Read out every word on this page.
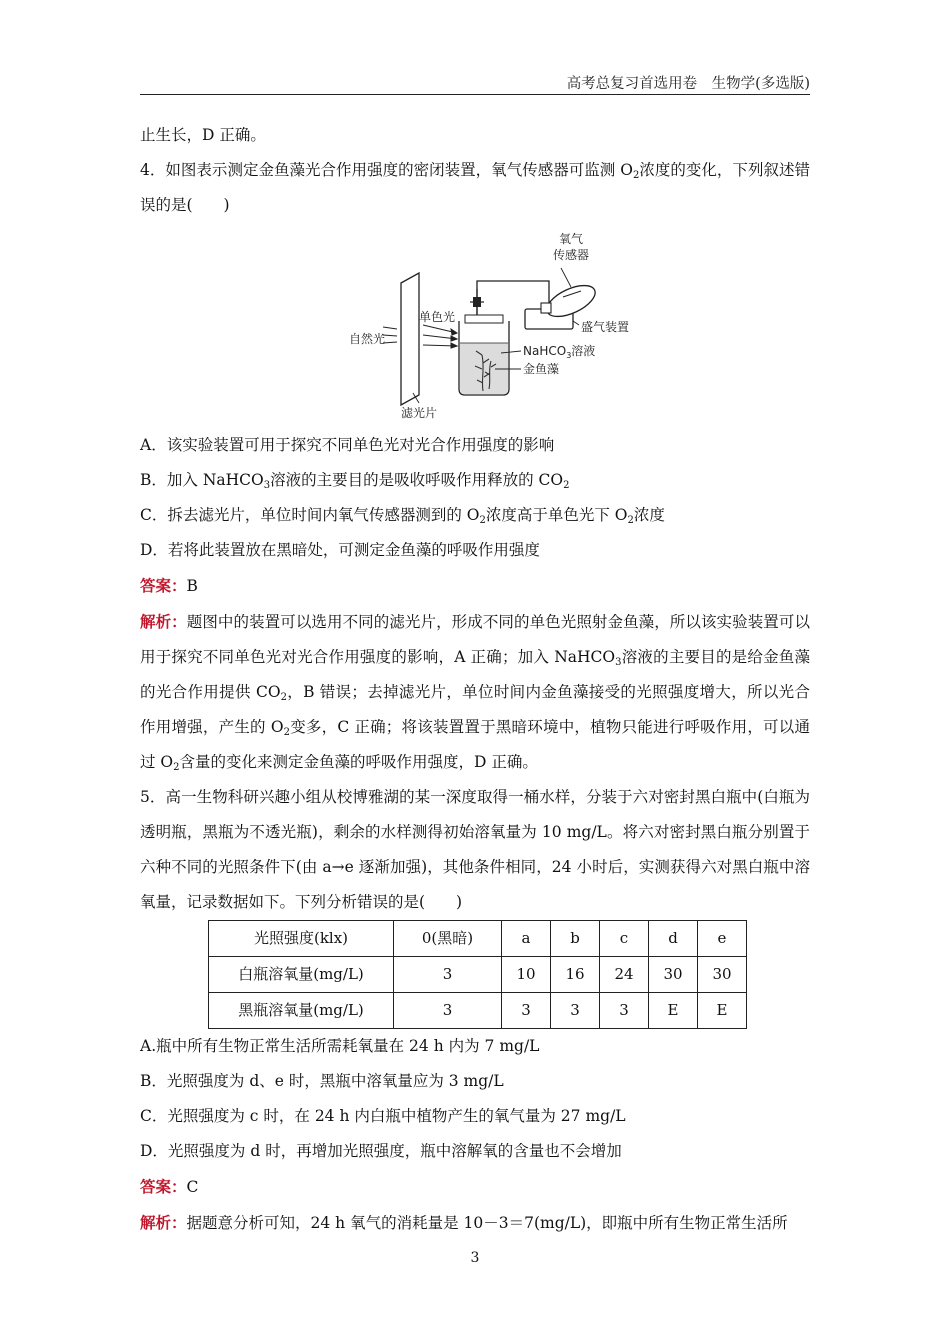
高考总复习首选用卷　生物学(多选版)

止生长，D 正确。

4．如图表示测定金鱼藻光合作用强度的密闭装置，氧气传感器可监测 $O_2$浓度的变化，下列叙述错误的是(　　)

氧气
传感器
盛气装置
自然光
单色光
NaHCO$_3$溶液
金鱼藻
滤光片

A．该实验装置可用于探究不同单色光对光合作用强度的影响

B．加入 NaHCO$_3$溶液的主要目的是吸收呼吸作用释放的 $CO_2$

C．拆去滤光片，单位时间内氧气传感器测到的 $O_2$浓度高于单色光下 $O_2$浓度

D．若将此装置放在黑暗处，可测定金鱼藻的呼吸作用强度

答案：B

解析：题图中的装置可以选用不同的滤光片，形成不同的单色光照射金鱼藻，所以该实验装置可以用于探究不同单色光对光合作用强度的影响，A 正确；加入 NaHCO$_3$溶液的主要目的是给金鱼藻的光合作用提供 $CO_2$，B 错误；去掉滤光片，单位时间内金鱼藻接受的光照强度增大，所以光合作用增强，产生的 $O_2$变多，C 正确；将该装置置于黑暗环境中，植物只能进行呼吸作用，可以通过 $O_2$含量的变化来测定金鱼藻的呼吸作用强度，D 正确。

5．高一生物科研兴趣小组从校博雅湖的某一深度取得一桶水样，分装于六对密封黑白瓶中(白瓶为透明瓶，黑瓶为不透光瓶)，剩余的水样测得初始溶氧量为 10 mg/L。将六对密封黑白瓶分别置于六种不同的光照条件下(由 a→e 逐渐加强)，其他条件相同，24 小时后，实测获得六对黑白瓶中溶氧量，记录数据如下。下列分析错误的是(　　)

光照强度(klx)	0(黑暗)	a	b	c	d	e
白瓶溶氧量(mg/L)	3	10	16	24	30	30
黑瓶溶氧量(mg/L)	3	3	3	3	E	E

A.瓶中所有生物正常生活所需耗氧量在 24 h 内为 7 mg/L

B．光照强度为 d、e 时，黑瓶中溶氧量应为 3 mg/L

C．光照强度为 c 时，在 24 h 内白瓶中植物产生的氧气量为 27 mg/L

D．光照强度为 d 时，再增加光照强度，瓶中溶解氧的含量也不会增加

答案：C

解析：据题意分析可知，24 h 氧气的消耗量是 10－3＝7(mg/L)，即瓶中所有生物正常生活所

3
